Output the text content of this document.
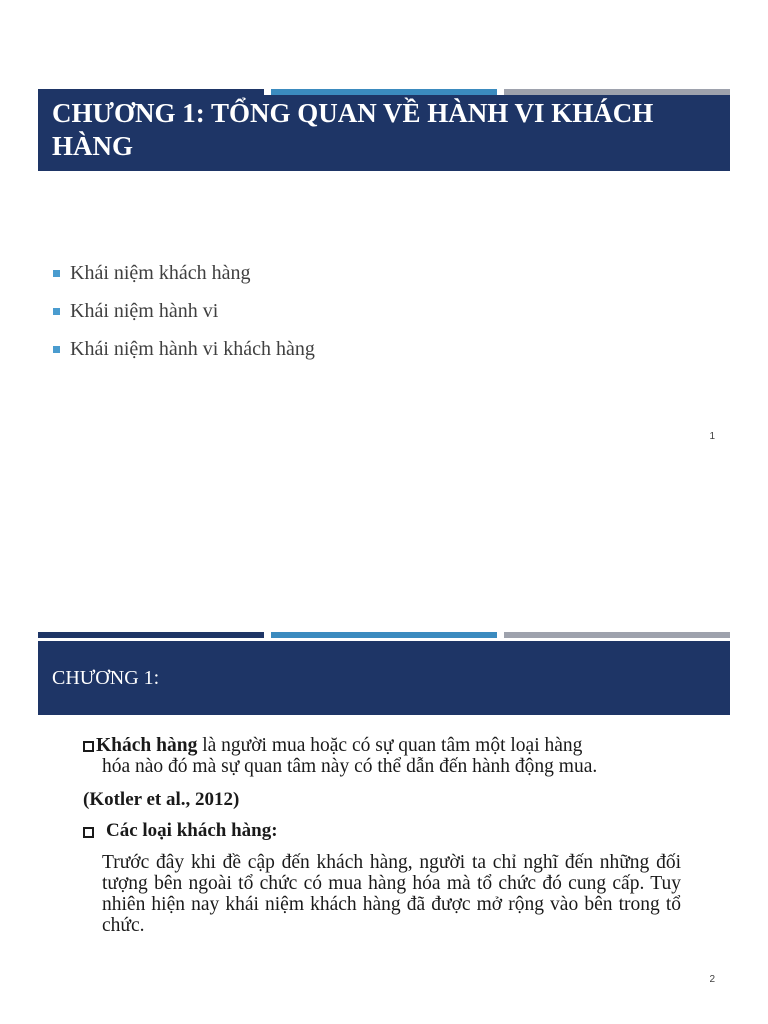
CHƯƠNG 1: TỔNG QUAN VỀ HÀNH VI KHÁCH HÀNG
Khái niệm khách hàng
Khái niệm hành vi
Khái niệm hành vi khách hàng
1
CHƯƠNG 1:

Khách hàng là người mua hoặc có sự quan tâm một loại hàng
hóa nào đó mà sự quan tâm này có thể dẫn đến hành động mua.

(Kotler et al., 2012)

Các loại khách hàng:

Trước đây khi đề cập đến khách hàng, người ta chỉ nghĩ đến những đối tượng bên ngoài tổ chức có mua hàng hóa mà tổ chức đó cung cấp. Tuy nhiên hiện nay khái niệm khách hàng đã được mở rộng vào bên trong tổ chức.

2
